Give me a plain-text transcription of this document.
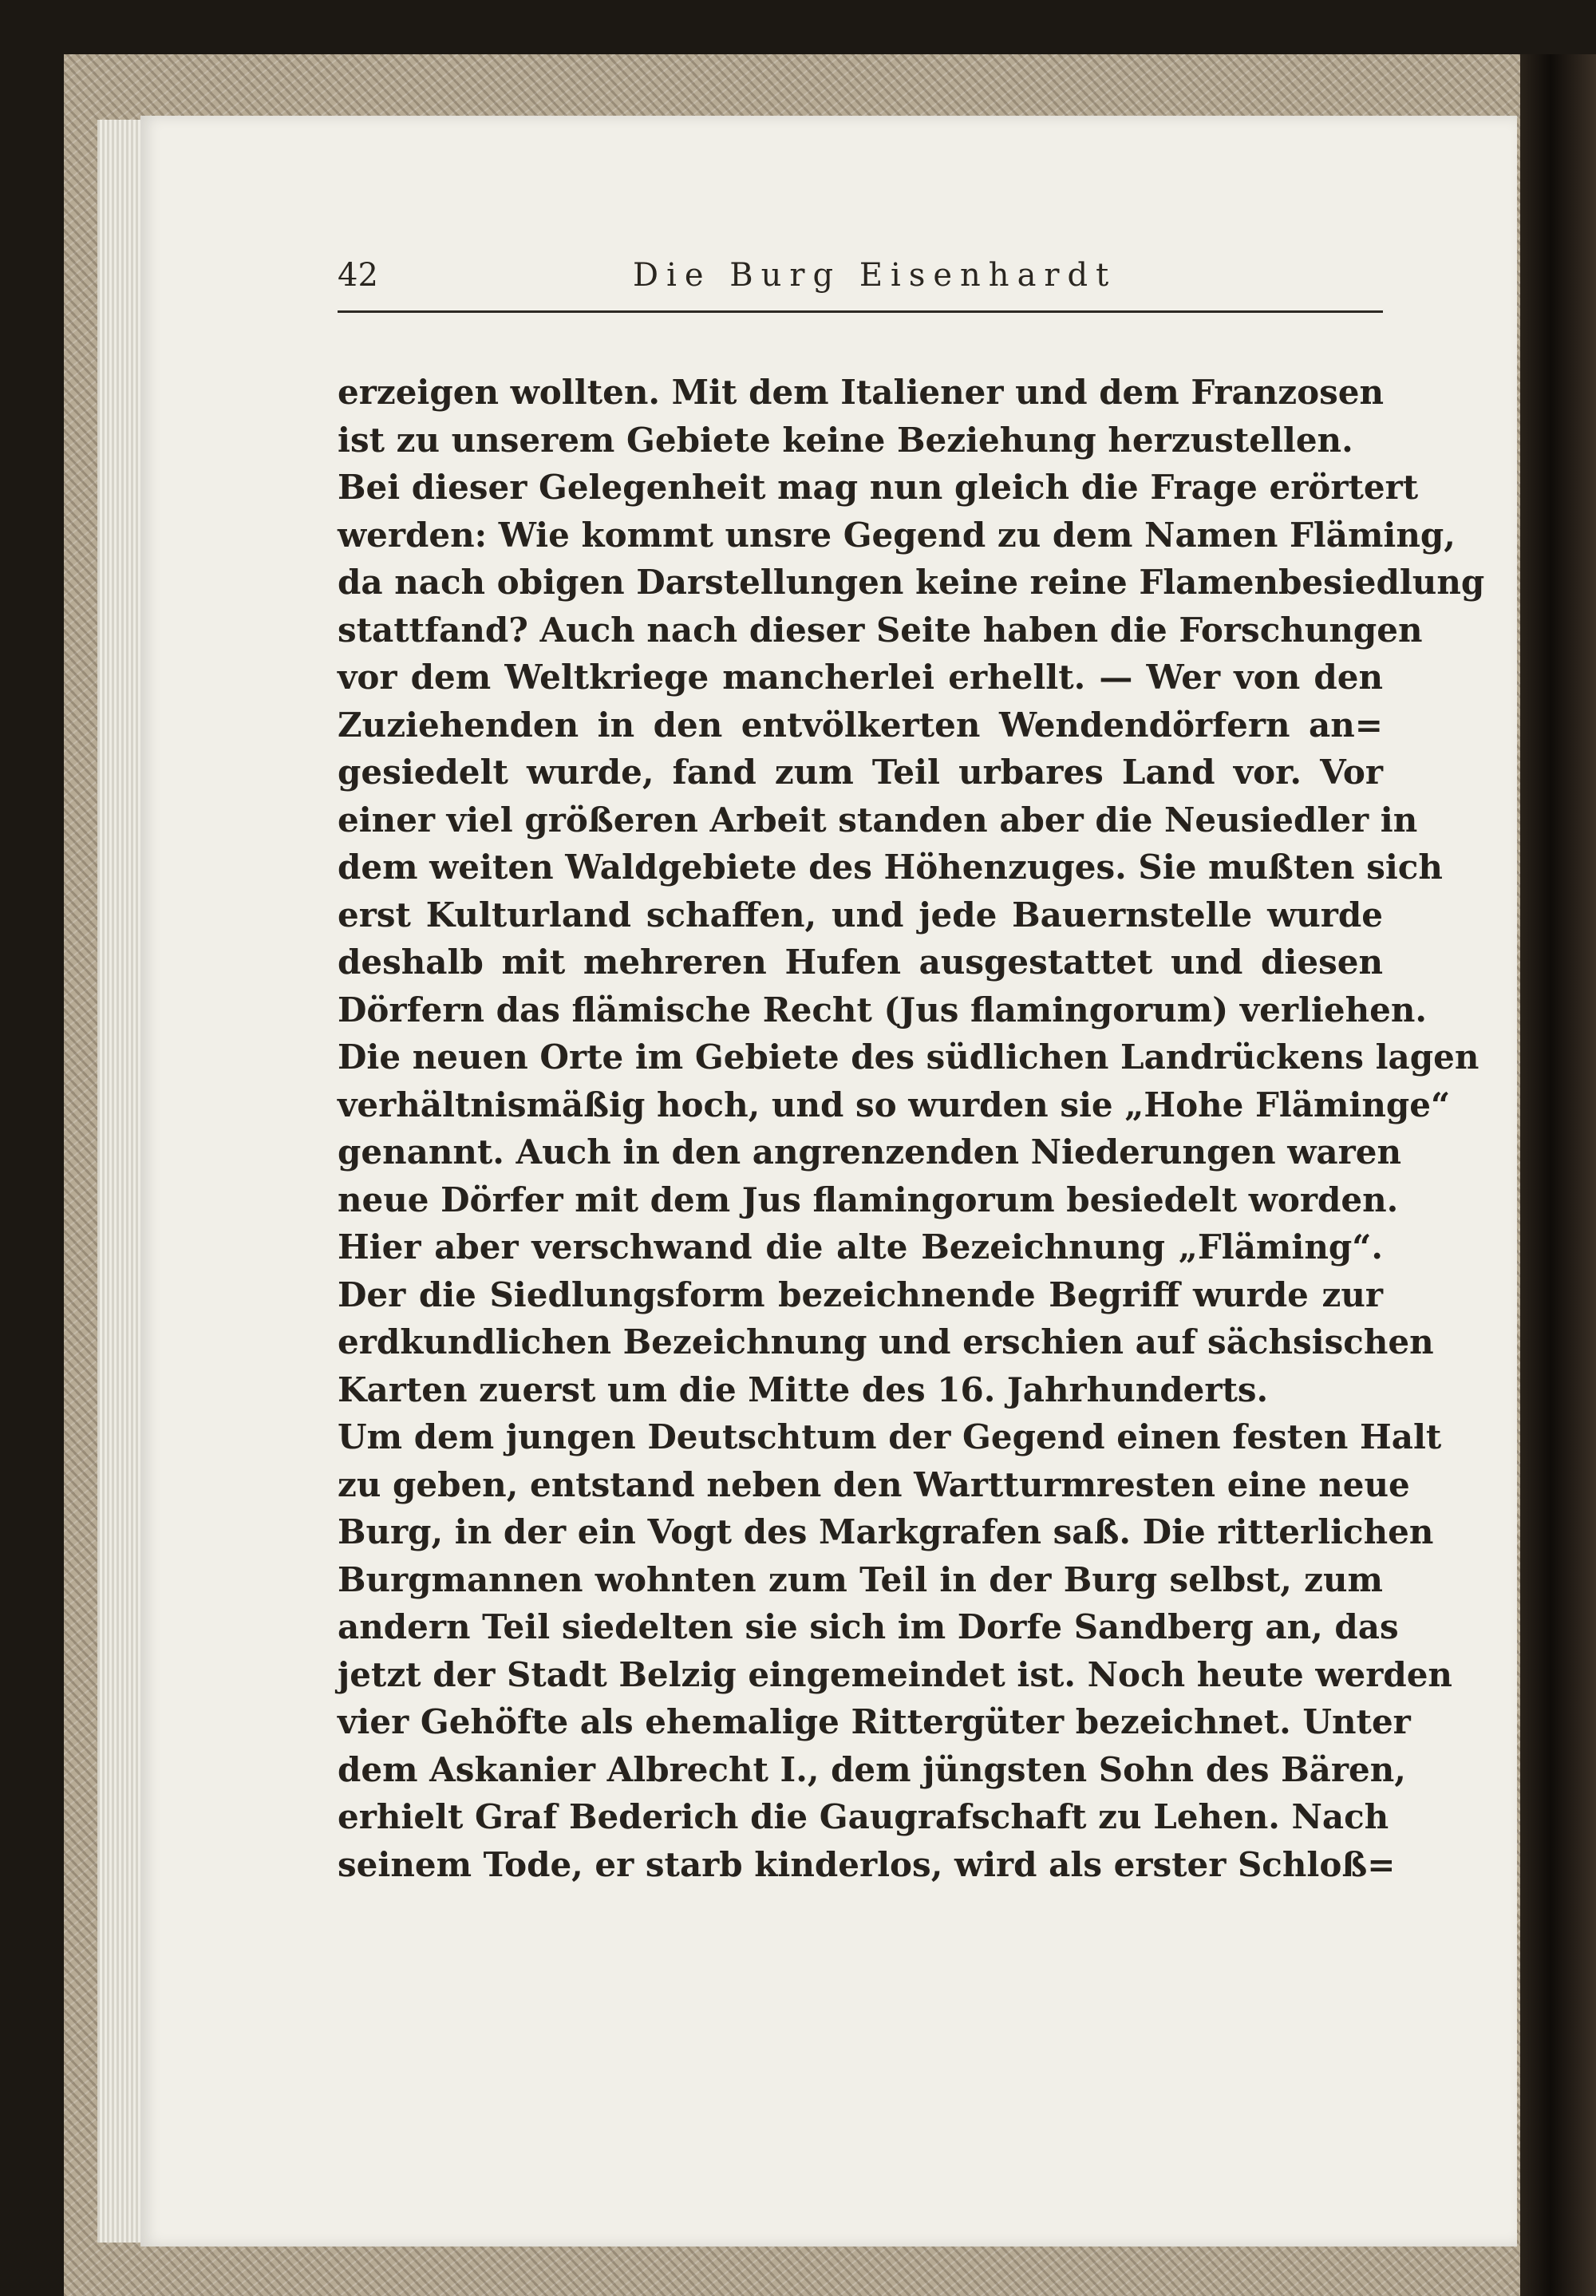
42	Die Burg Eisenhardt
erzeigen wollten. Mit dem Italiener und dem Franzosen
ist zu unserem Gebiete keine Beziehung herzustellen.
Bei dieser Gelegenheit mag nun gleich die Frage erörtert
werden: Wie kommt unsre Gegend zu dem Namen Fläming,
da nach obigen Darstellungen keine reine Flamenbesiedlung
stattfand? Auch nach dieser Seite haben die Forschungen
vor dem Weltkriege mancherlei erhellt. — Wer von den
Zuziehenden in den entvölkerten Wendendörfern an=
gesiedelt wurde, fand zum Teil urbares Land vor. Vor
einer viel größeren Arbeit standen aber die Neusiedler in
dem weiten Waldgebiete des Höhenzuges. Sie mußten sich
erst Kulturland schaffen, und jede Bauernstelle wurde
deshalb mit mehreren Hufen ausgestattet und diesen
Dörfern das flämische Recht (Jus flamingorum) verliehen.
Die neuen Orte im Gebiete des südlichen Landrückens lagen
verhältnismäßig hoch, und so wurden sie „Hohe Fläminge“
genannt. Auch in den angrenzenden Niederungen waren
neue Dörfer mit dem Jus flamingorum besiedelt worden.
Hier aber verschwand die alte Bezeichnung „Fläming“.
Der die Siedlungsform bezeichnende Begriff wurde zur
erdkundlichen Bezeichnung und erschien auf sächsischen
Karten zuerst um die Mitte des 16. Jahrhunderts.
Um dem jungen Deutschtum der Gegend einen festen Halt
zu geben, entstand neben den Wartturmresten eine neue
Burg, in der ein Vogt des Markgrafen saß. Die ritterlichen
Burgmannen wohnten zum Teil in der Burg selbst, zum
andern Teil siedelten sie sich im Dorfe Sandberg an, das
jetzt der Stadt Belzig eingemeindet ist. Noch heute werden
vier Gehöfte als ehemalige Rittergüter bezeichnet. Unter
dem Askanier Albrecht I., dem jüngsten Sohn des Bären,
erhielt Graf Bederich die Gaugrafschaft zu Lehen. Nach
seinem Tode, er starb kinderlos, wird als erster Schloß=
